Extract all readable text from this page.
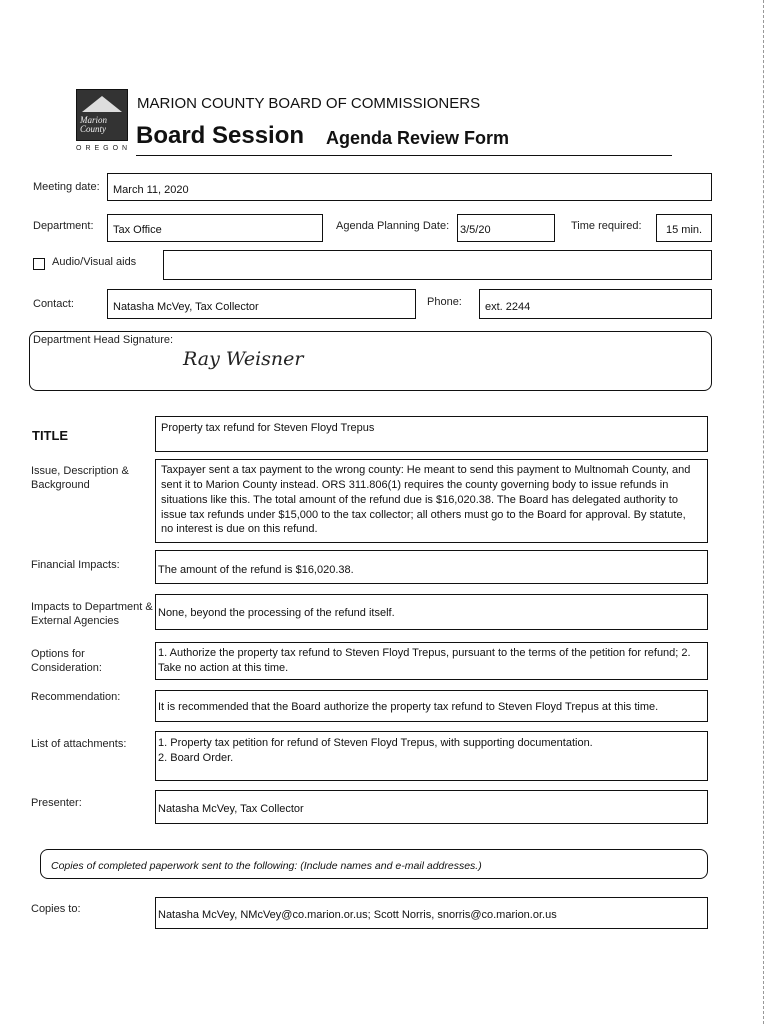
Marion County
OREGON
MARION COUNTY BOARD OF COMMISSIONERS
Board Session Agenda Review Form
Meeting date:	March 11, 2020
Department:	Tax Office	Agenda Planning Date: 3/5/20	Time required:	15 min.
Audio/Visual aids
Contact:	Natasha McVey, Tax Collector	Phone:	ext. 2244
Department Head Signature:
Ray Weisner
TITLE	Property tax refund for Steven Floyd Trepus
Issue, Description & Background
Taxpayer sent a tax payment to the wrong county: He meant to send this payment to Multnomah County, and sent it to Marion County instead. ORS 311.806(1) requires the county governing body to issue refunds in situations like this. The total amount of the refund due is $16,020.38. The Board has delegated authority to issue tax refunds under $15,000 to the tax collector; all others must go to the Board for approval. By statute, no interest is due on this refund.
Financial Impacts:	The amount of the refund is $16,020.38.
Impacts to Department & External Agencies
None, beyond the processing of the refund itself.
Options for Consideration:
1. Authorize the property tax refund to Steven Floyd Trepus, pursuant to the terms of the petition for refund; 2. Take no action at this time.
Recommendation:
It is recommended that the Board authorize the property tax refund to Steven Floyd Trepus at this time.
List of attachments:	1. Property tax petition for refund of Steven Floyd Trepus, with supporting documentation.
2. Board Order.
Presenter:	Natasha McVey, Tax Collector
Copies of completed paperwork sent to the following: (Include names and e-mail addresses.)
Copies to:	Natasha McVey, NMcVey@co.marion.or.us; Scott Norris, snorris@co.marion.or.us
